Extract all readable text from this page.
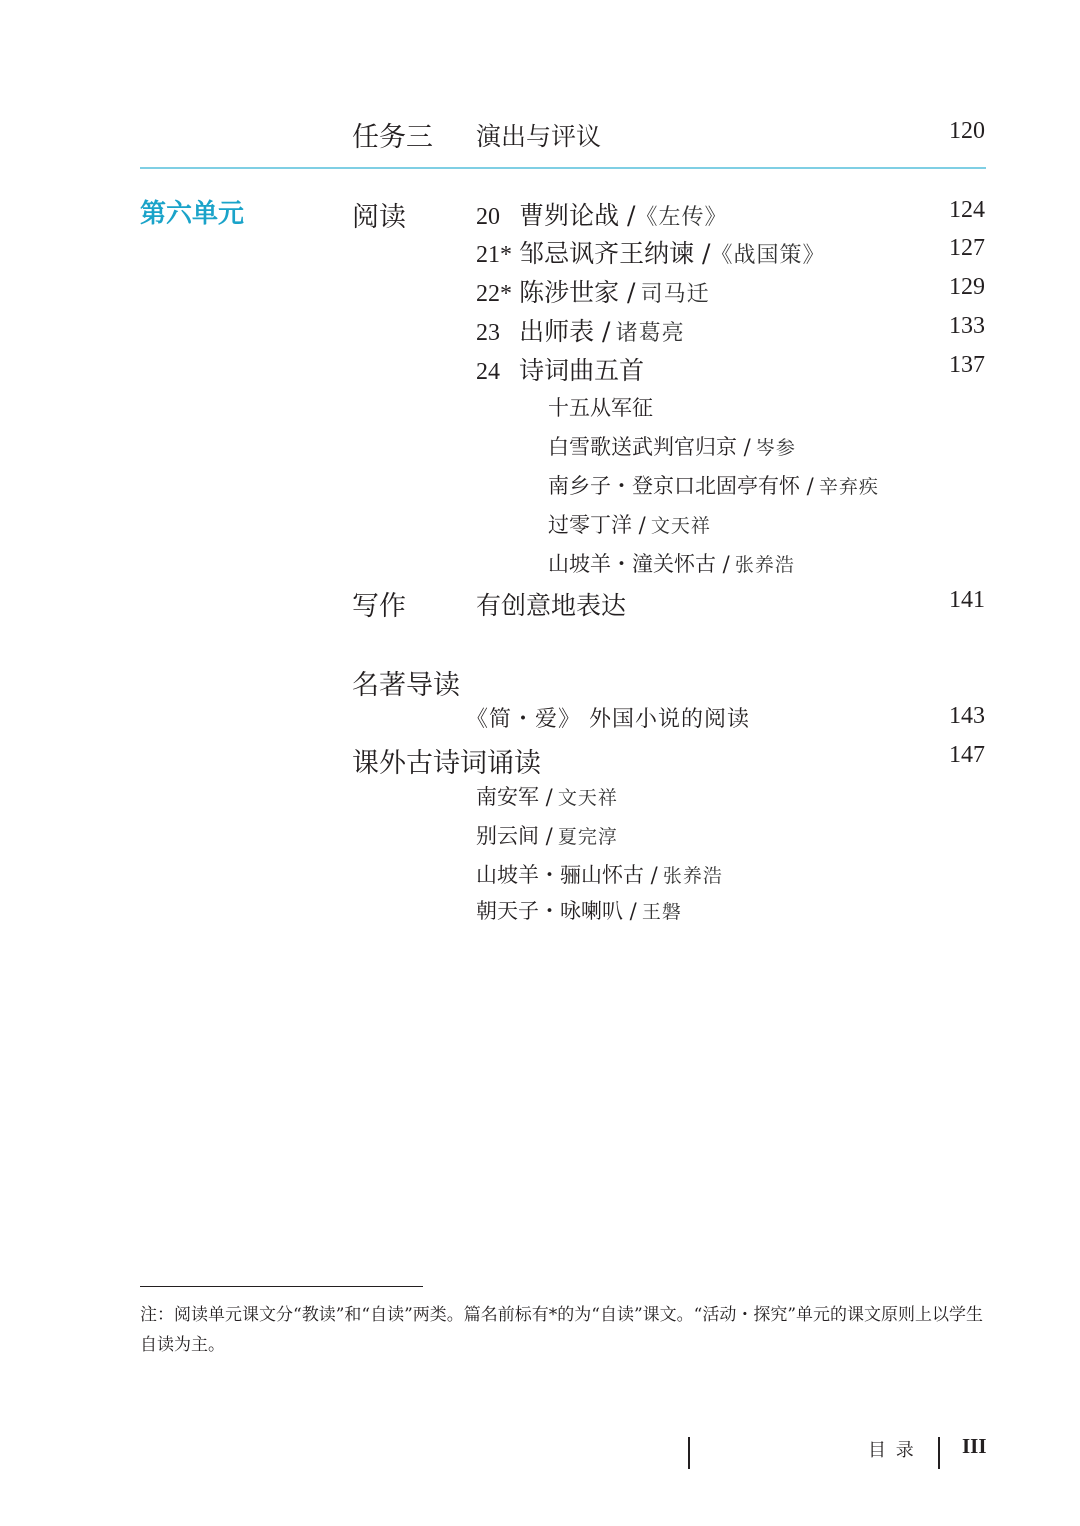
任务三 演出与评议	120
第六单元	阅读	20 曹刿论战 /《左传》	124
21* 邹忌讽齐王纳谏 /《战国策》	127
22* 陈涉世家 / 司马迁	129
23 出师表 / 诸葛亮	133
24 诗词曲五首	137
十五从军征
白雪歌送武判官归京 / 岑参
南乡子・登京口北固亭有怀 / 辛弃疾
过零丁洋 / 文天祥
山坡羊・潼关怀古 / 张养浩
写作	有创意地表达	141
名著导读
《简・爱》 外国小说的阅读	143
课外古诗词诵读	147
南安军 / 文天祥
别云间 / 夏完淳
山坡羊・骊山怀古 / 张养浩
朝天子・咏喇叭 / 王磐
注：阅读单元课文分“教读”和“自读”两类。篇名前标有*的为“自读”课文。“活动・探究”单元的课文原则上以学生自读为主。
目 录 III
